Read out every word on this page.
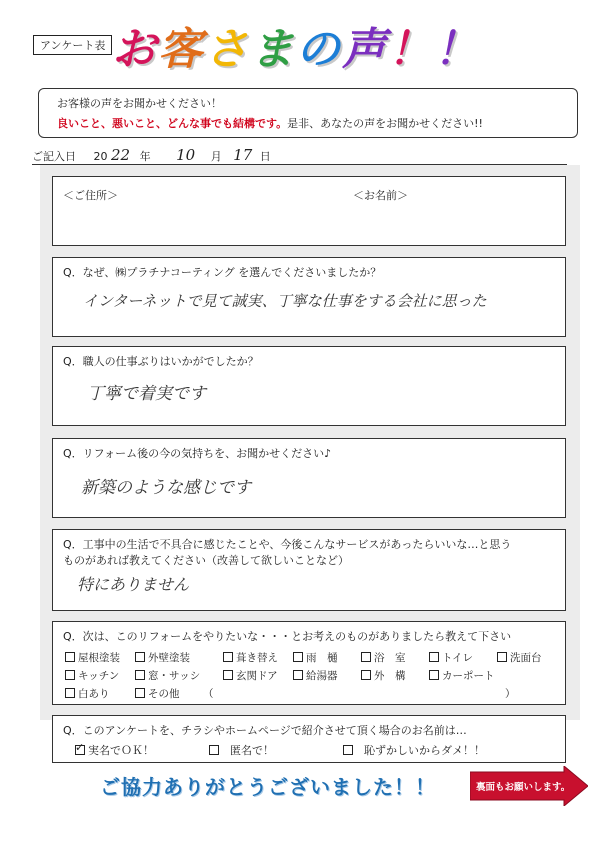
アンケート表 お客さまの声！！
お客様の声をお聞かせください！
良いこと、悪いこと、どんな事でも結構です。是非、あなたの声をお聞かせください!!
ご記入日 20 22 年 10 月 17 日
＜ご住所＞	＜お名前＞
Q．なぜ、㈱プラチナコーティング を選んでくださいましたか？
インターネットで見て誠実、丁寧な仕事をする会社に思った
Q．職人の仕事ぶりはいかがでしたか？
丁寧で着実です
Q．リフォーム後の今の気持ちを、お聞かせください♪
新築のような感じです
Q．工事中の生活で不具合に感じたことや、今後こんなサービスがあったらいいな…と思う
ものがあれば教えてください（改善して欲しいことなど）
特にありません
Q．次は、このリフォームをやりたいな・・・とお考えのものがありましたら教えて下さい
屋根塗装	外壁塗装	葺き替え	雨　樋	浴　室	トイレ	洗面台
キッチン	窓・サッシ	玄関ドア	給湯器	外　構	カーポート
白あり	その他 （	）
Q．このアンケートを、チラシやホームページで紹介させて頂く場合のお名前は…
✓実名でＯＫ！	匿名で！	恥ずかしいからダメ！！
ご協力ありがとうございました！！	裏面もお願いします。
